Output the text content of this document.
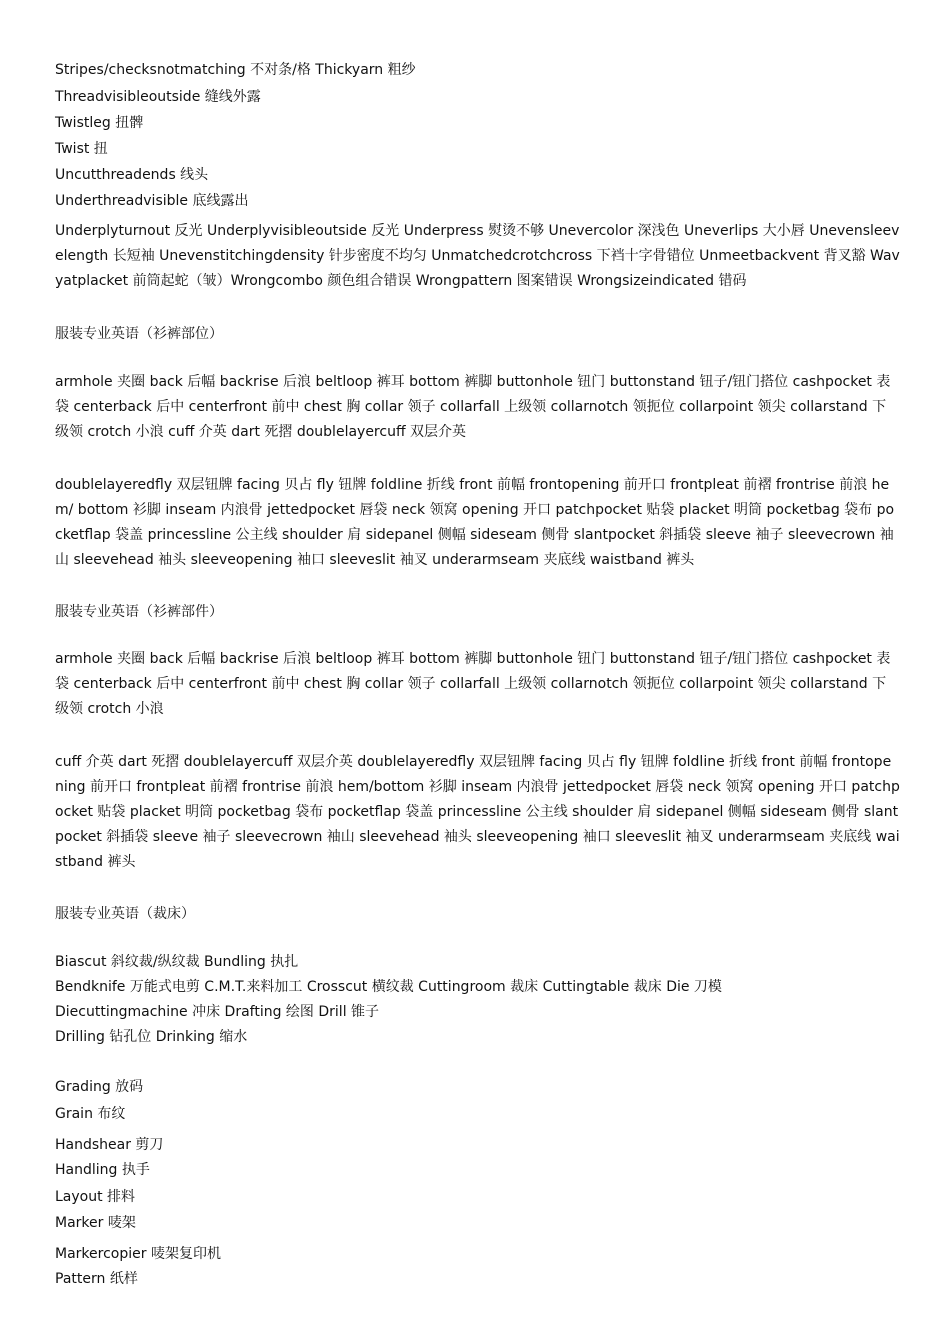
Stripes/checksnotmatching 不对条/格 Thickyarn 粗纱
Threadvisibleoutside 缝线外露
Twistleg 扭髀
Twist 扭
Uncutthreadends 线头
Underthreadvisible 底线露出
Underplyturnout 反光 Underplyvisibleoutside 反光 Underpress 熨烫不够 Unevercolor 深浅色 Uneverlips 大小唇 Unevensleevelength 长短袖 Unevenstitchingdensity 针步密度不均匀 Unmatchedcrotchcross 下裆十字骨错位 Unmeetbackvent 背叉豁 Wavyatplacket 前筒起蛇（皱）Wrongcombo 颜色组合错误 Wrongpattern 图案错误 Wrongsizeindicated 错码
服装专业英语（衫裤部位）
armhole 夹圈 back 后幅 backrise 后浪 beltloop 裤耳 bottom 裤脚 buttonhole 钮门 buttonstand 钮子/钮门搭位 cashpocket 表袋 centerback 后中 centerfront 前中 chest 胸 collar 领子 collarfall 上级领 collarnotch 领扼位 collarpoint 领尖 collarstand 下级领 crotch 小浪 cuff 介英 dart 死摺 doublelayercuff 双层介英
doublelayeredfly 双层钮牌 facing 贝占 fly 钮牌 foldline 折线 front 前幅 frontopening 前开口 frontpleat 前褶 frontrise 前浪 hem/ bottom 衫脚 inseam 内浪骨 jettedpocket 唇袋 neck 领窝 opening 开口 patchpocket 贴袋 placket 明筒 pocketbag 袋布 pocketflap 袋盖 princessline 公主线 shoulder 肩 sidepanel 侧幅 sideseam 侧骨 slantpocket 斜插袋 sleeve 袖子 sleevecrown 袖山 sleevehead 袖头 sleeveopening 袖口 sleeveslit 袖叉 underarmseam 夹底线 waistband 裤头
服装专业英语（衫裤部件）
armhole 夹圈 back 后幅 backrise 后浪 beltloop 裤耳 bottom 裤脚 buttonhole 钮门 buttonstand 钮子/钮门搭位 cashpocket 表袋 centerback 后中 centerfront 前中 chest 胸 collar 领子 collarfall 上级领 collarnotch 领扼位 collarpoint 领尖 collarstand 下级领 crotch 小浪
cuff 介英 dart 死摺 doublelayercuff 双层介英 doublelayeredfly 双层钮牌 facing 贝占 fly 钮牌 foldline 折线 front 前幅 frontopening 前开口 frontpleat 前褶 frontrise 前浪 hem/bottom 衫脚 inseam 内浪骨 jettedpocket 唇袋 neck 领窝 opening 开口 patchpocket 贴袋 placket 明筒 pocketbag 袋布 pocketflap 袋盖 princessline 公主线 shoulder 肩 sidepanel 侧幅 sideseam 侧骨 slantpocket 斜插袋 sleeve 袖子 sleevecrown 袖山 sleevehead 袖头 sleeveopening 袖口 sleeveslit 袖叉 underarmseam 夹底线 waistband 裤头
服装专业英语（裁床）
Biascut 斜纹裁/纵纹裁 Bundling 执扎
Bendknife 万能式电剪 C.M.T.来料加工 Crosscut 横纹裁 Cuttingroom 裁床 Cuttingtable 裁床 Die 刀模
Diecuttingmachine 冲床 Drafting 绘图 Drill 锥子
Drilling 钻孔位 Drinking 缩水
Grading 放码
Grain 布纹
Handshear 剪刀
Handling 执手
Layout 排料
Marker 唛架
Markercopier 唛架复印机
Pattern 纸样
